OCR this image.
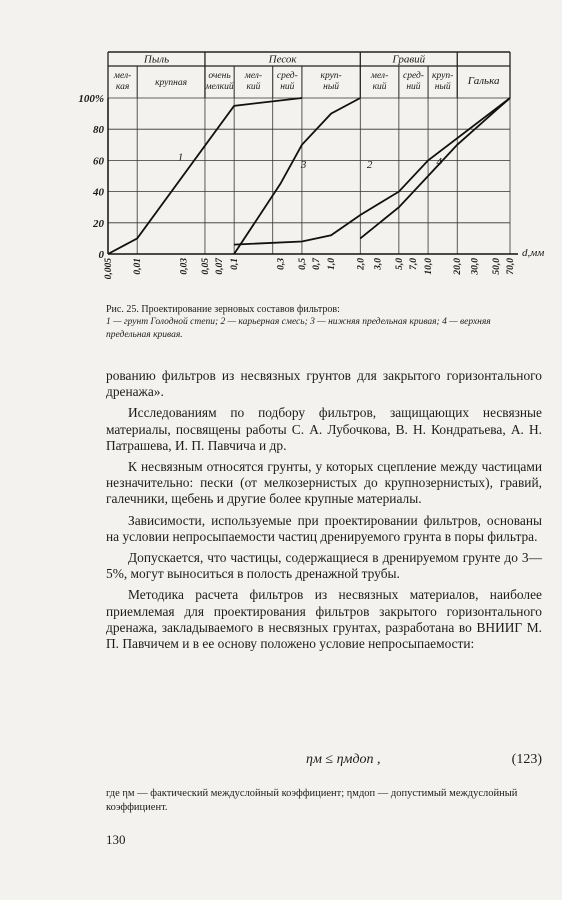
Пыль
мел-
кая	крупная
Песок
очень
мелкий
мел-
кий
сред-
ний
круп-
ный
Гравий
мел-
кий
сред-
ний
круп-
ный Галька
1
3	2	4
0
20
40
60
80
100%
0,005 0,01	0,03 0,05 0,07 0,1	0,3 0,5 0,7 1,0 2,0 3,0 5,0 7,0 10,0 20,0 30,0 50,0 70,0
d,мм
Рис. 25. Проектирование зерновых составов фильтров:
1 — грунт Голодной степи; 2 — карьерная смесь; 3 — нижняя предельная кривая; 4 — верхняя предельная кривая.

рованию фильтров из несвязных грунтов для закрытого горизонтального дренажа».

Исследованиям по подбору фильтров, защищающих несвязные материалы, посвящены работы С. А. Лубочкова, В. Н. Кондратьева, А. Н. Патрашева, И. П. Павчича и др.

К несвязным относятся грунты, у которых сцепление между частицами незначительно: пески (от мелкозернистых до крупнозернистых), гравий, галечники, щебень и другие более крупные материалы.

Зависимости, используемые при проектировании фильтров, основаны на условии непросыпаемости частиц дренируемого грунта в поры фильтра.

Допускается, что частицы, содержащиеся в дренируемом грунте до 3—5%, могут выноситься в полость дренажной трубы.

Методика расчета фильтров из несвязных материалов, наиболее приемлемая для проектирования фильтров закрытого горизонтального дренажа, закладываемого в несвязных грунтах, разработана во ВНИИГ М. П. Павчичем и в ее основу положено условие непросыпаемости:

ηм ≤ ηмдоп ,	(123)
где ηм — фактический междуслойный коэффициент; ηмдоп — допустимый междуслойный коэффициент.
130
